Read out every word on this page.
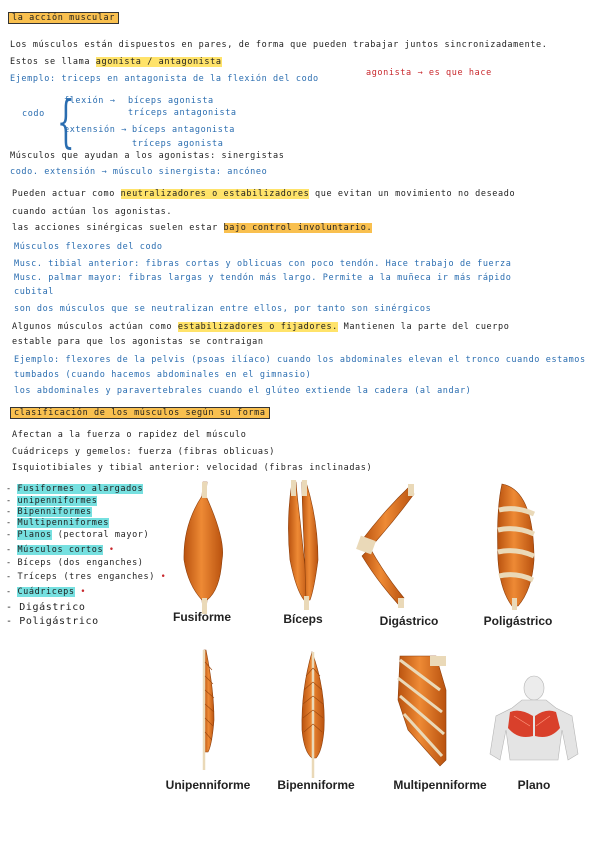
la acción muscular
Los músculos están dispuestos en pares, de forma que pueden trabajar juntos sincronizadamente.
Estos se llama agonista / antagonista
Ejemplo: triceps en antagonista de la flexión del codo
agonista → es que hace
codo {
flexión → bíceps agonista
tríceps antagonista
extensión → bíceps antagonista
tríceps agonista
Músculos que ayudan a los agonistas: sinergistas
codo. extensión → músculo sinergista: ancóneo
Pueden actuar como neutralizadores o estabilizadores que evitan un movimiento no deseado
cuando actúan los agonistas.
las acciones sinérgicas suelen estar bajo control involuntario.
Músculos flexores del codo
Musc. tibial anterior: fibras cortas y oblicuas con poco tendón. Hace trabajo de fuerza
Musc. palmar mayor: fibras largas y tendón más largo. Permite a la muñeca ir más rápido
cubital
son dos músculos que se neutralizan entre ellos, por tanto son sinérgicos
Algunos músculos actúan como estabilizadores o fijadores. Mantienen la parte del cuerpo
estable para que los agonistas se contraigan
Ejemplo: flexores de la pelvis (psoas ilíaco) cuando los abdominales elevan el tronco cuando estamos
tumbados (cuando hacemos abdominales en el gimnasio)
los abdominales y paravertebrales cuando el glúteo extiende la cadera (al andar)
clasificación de los músculos según su forma
Afectan a la fuerza o rapidez del músculo
Cuádriceps y gemelos: fuerza (fibras oblicuas)
Isquiotibiales y tibial anterior: velocidad (fibras inclinadas)
- Fusiformes o alargados
- unipenniformes
- Bipenniformes
- Multipenniformes
- Planos (pectoral mayor)
- Músculos cortos •
- Bíceps (dos enganches)
- Tríceps (tres enganches) •
- Cuádriceps •
- Digástrico
- Poligástrico	Fusiforme	Bíceps	Digástrico	Poligástrico
Unipenniforme	Bipenniforme	Multipenniforme	Plano
